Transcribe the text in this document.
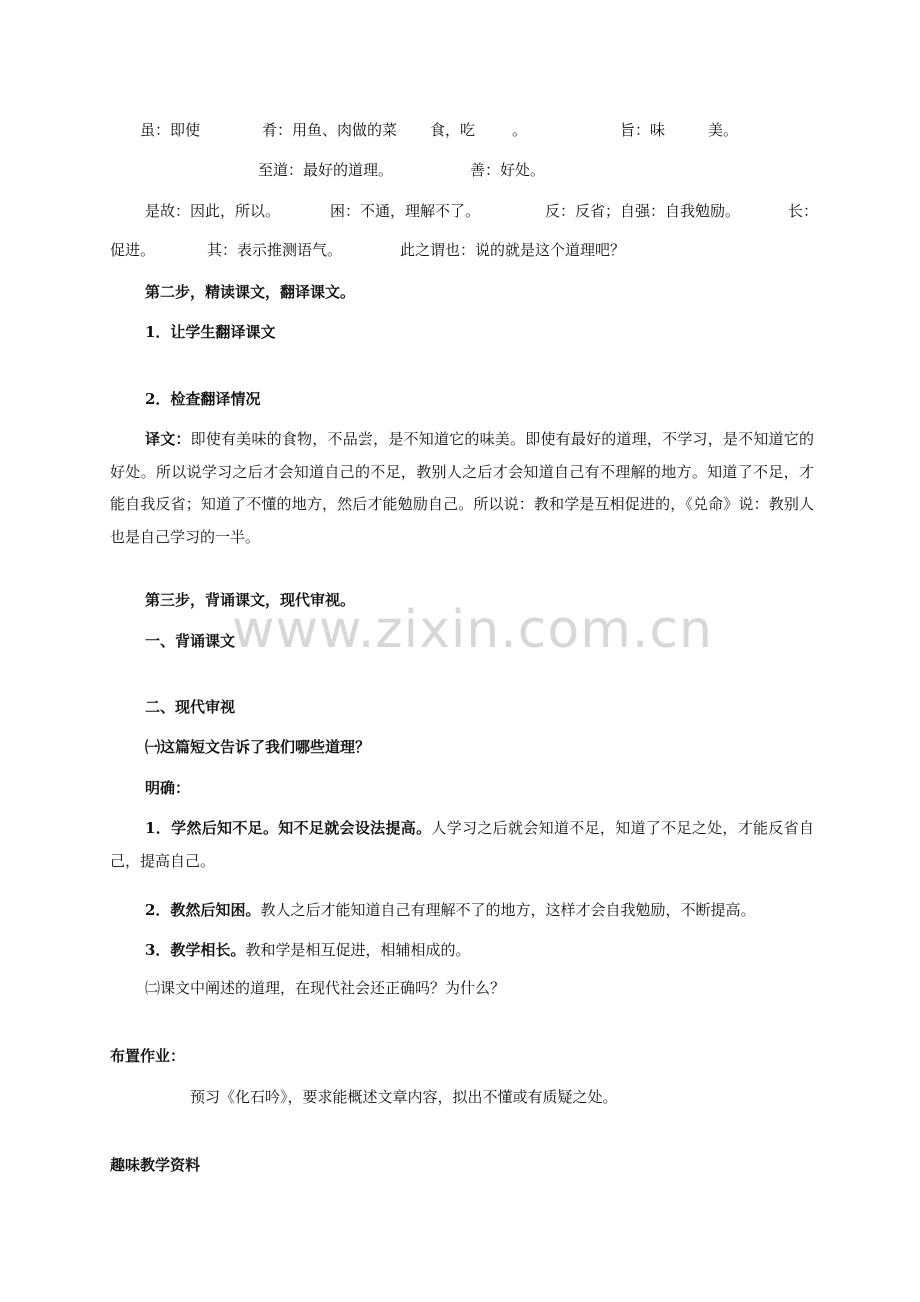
虽：即使	肴：用鱼、肉做的菜 食，吃 。	旨：味	美。
至道：最好的道理。	善：好处。
是故：因此，所以。	困：不通，理解不了。	反：反省；自强：自我勉励。	长：
促进。	其：表示推测语气。	此之谓也：说的就是这个道理吧？
第二步，精读课文，翻译课文。
1．让学生翻译课文
2．检查翻译情况
译文：即使有美味的食物，不品尝，是不知道它的味美。即使有最好的道理，不学习，是不知道它的好处。所以说学习之后才会知道自己的不足，教别人之后才会知道自己有不理解的地方。知道了不足，才能自我反省；知道了不懂的地方，然后才能勉励自己。所以说：教和学是互相促进的，《兑命》说：教别人也是自己学习的一半。
第三步，背诵课文，现代审视。
一、背诵课文
二、现代审视
㈠这篇短文告诉了我们哪些道理？
明确：
1．学然后知不足。知不足就会设法提高。人学习之后就会知道不足，知道了不足之处，才能反省自己，提高自己。
2．教然后知困。教人之后才能知道自己有理解不了的地方，这样才会自我勉励，不断提高。
3．教学相长。教和学是相互促进，相辅相成的。
㈡课文中阐述的道理，在现代社会还正确吗？为什么？
布置作业：
预习《化石吟》，要求能概述文章内容，拟出不懂或有质疑之处。
趣味教学资料
www.zixin.com.cn
